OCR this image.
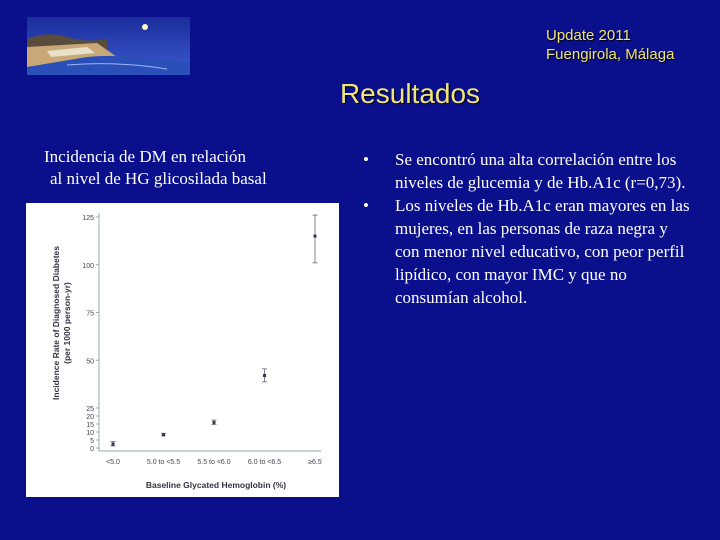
Update 2011
Fuengirola, Málaga
Resultados
Incidencia de DM en relación
al nivel de HG glicosilada basal
Incidence Rate of Diagnosed Diabetes (per 1000 person-yr)
125
100
75
50
25
20
15
10
5
0
<5.0	5.0 to <5.5 5.5 to <6.0 6.0 to <6.5	≥6.5
Baseline Glycated Hemoglobin (%)
•	Se encontró una alta correlación entre los niveles de glucemia y de Hb.A1c (r=0,73).
•	Los niveles de Hb.A1c eran mayores en las mujeres, en las personas de raza negra y con menor nivel educativo, con peor perfil lipídico, con mayor IMC y que no consumían alcohol.
